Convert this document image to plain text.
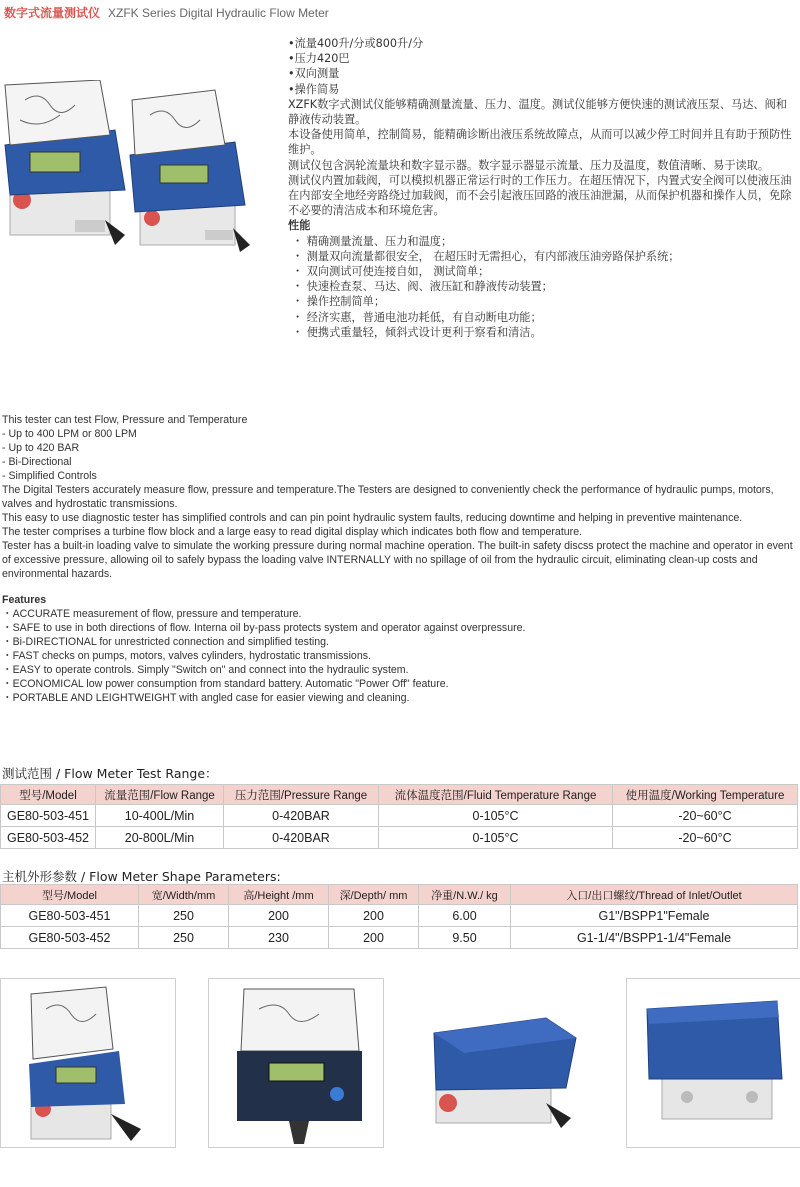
数字式流量测试仪 XZFK Series Digital Hydraulic Flow Meter
•流量400升/分或800升/分
•压力420巴
•双向测量
•操作简易
XZFK数字式测试仪能够精确测量流量、压力、温度。测试仪能够方便快速的测试液压泵、马达、阀和静液传动装置。
本设备使用简单，控制简易，能精确诊断出液压系统故障点，从而可以减少停工时间并且有助于预防性维护。
测试仪包含涡轮流量块和数字显示器。数字显示器显示流量、压力及温度，数值清晰、易于读取。
测试仪内置加载阀，可以模拟机器正常运行时的工作压力。在超压情况下，内置式安全阀可以使液压油在内部安全地经旁路绕过加载阀，而不会引起液压回路的液压油泄漏，从而保护机器和操作人员，免除不必要的清洁成本和环境危害。
性能
・ 精确测量流量、压力和温度；
・ 测量双向流量都很安全， 在超压时无需担心，有内部液压油旁路保护系统；
・ 双向测试可使连接自如， 测试简单；
・ 快速检查泵、马达、阀、液压缸和静液传动装置；
・ 操作控制简单；
・ 经济实惠，普通电池功耗低，有自动断电功能；
・ 便携式重量轻，倾斜式设计更利于察看和清洁。
This tester can test Flow, Pressure and Temperature
- Up to 400 LPM or 800 LPM
- Up to 420 BAR
- Bi-Directional
- Simplified Controls
The Digital Testers accurately measure flow, pressure and temperature.The Testers are designed to conveniently check the performance of hydraulic pumps, motors, valves and hydrostatic transmissions.
This easy to use diagnostic tester has simplified controls and can pin point hydraulic system faults, reducing downtime and helping in preventive maintenance.
The tester comprises a turbine flow block and a large easy to read digital display which indicates both flow and temperature.
Tester has a built-in loading valve to simulate the working pressure during normal machine operation. The built-in safety discss protect the machine and operator in event of excessive pressure, allowing oil to safely bypass the loading valve INTERNALLY with no spillage of oil from the hydraulic circuit, eliminating clean-up costs and environmental hazards.
Features
・ACCURATE measurement of flow, pressure and temperature.
・SAFE to use in both directions of flow. Interna oil by-pass protects system and operator against overpressure.
・Bi-DIRECTIONAL for unrestricted connection and simplified testing.
・FAST checks on pumps, motors, valves cylinders, hydrostatic transmissions.
・EASY to operate controls. Simply "Switch on" and connect into the hydraulic system.
・ECONOMICAL low power consumption from standard battery. Automatic "Power Off" feature.
・PORTABLE AND LEIGHTWEIGHT with angled case for easier viewing and cleaning.
测试范围 / Flow Meter Test Range：
型号/Model	流量范围/Flow Range	压力范围/Pressure Range	流体温度范围/Fluid Temperature Range	使用温度/Working Temperature
GE80-503-451	10-400L/Min	0-420BAR	0-105°C	-20~60°C
GE80-503-452	20-800L/Min	0-420BAR	0-105°C	-20~60°C
主机外形参数 / Flow Meter Shape Parameters:
型号/Model	宽/Width/mm	高/Height /mm	深/Depth/ mm	净重/N.W./ kg	入口/出口螺纹/Thread of Inlet/Outlet
GE80-503-451	250	200	200	6.00	G1"/BSPP1"Female
GE80-503-452	250	230	200	9.50	G1-1/4"/BSPP1-1/4"Female
